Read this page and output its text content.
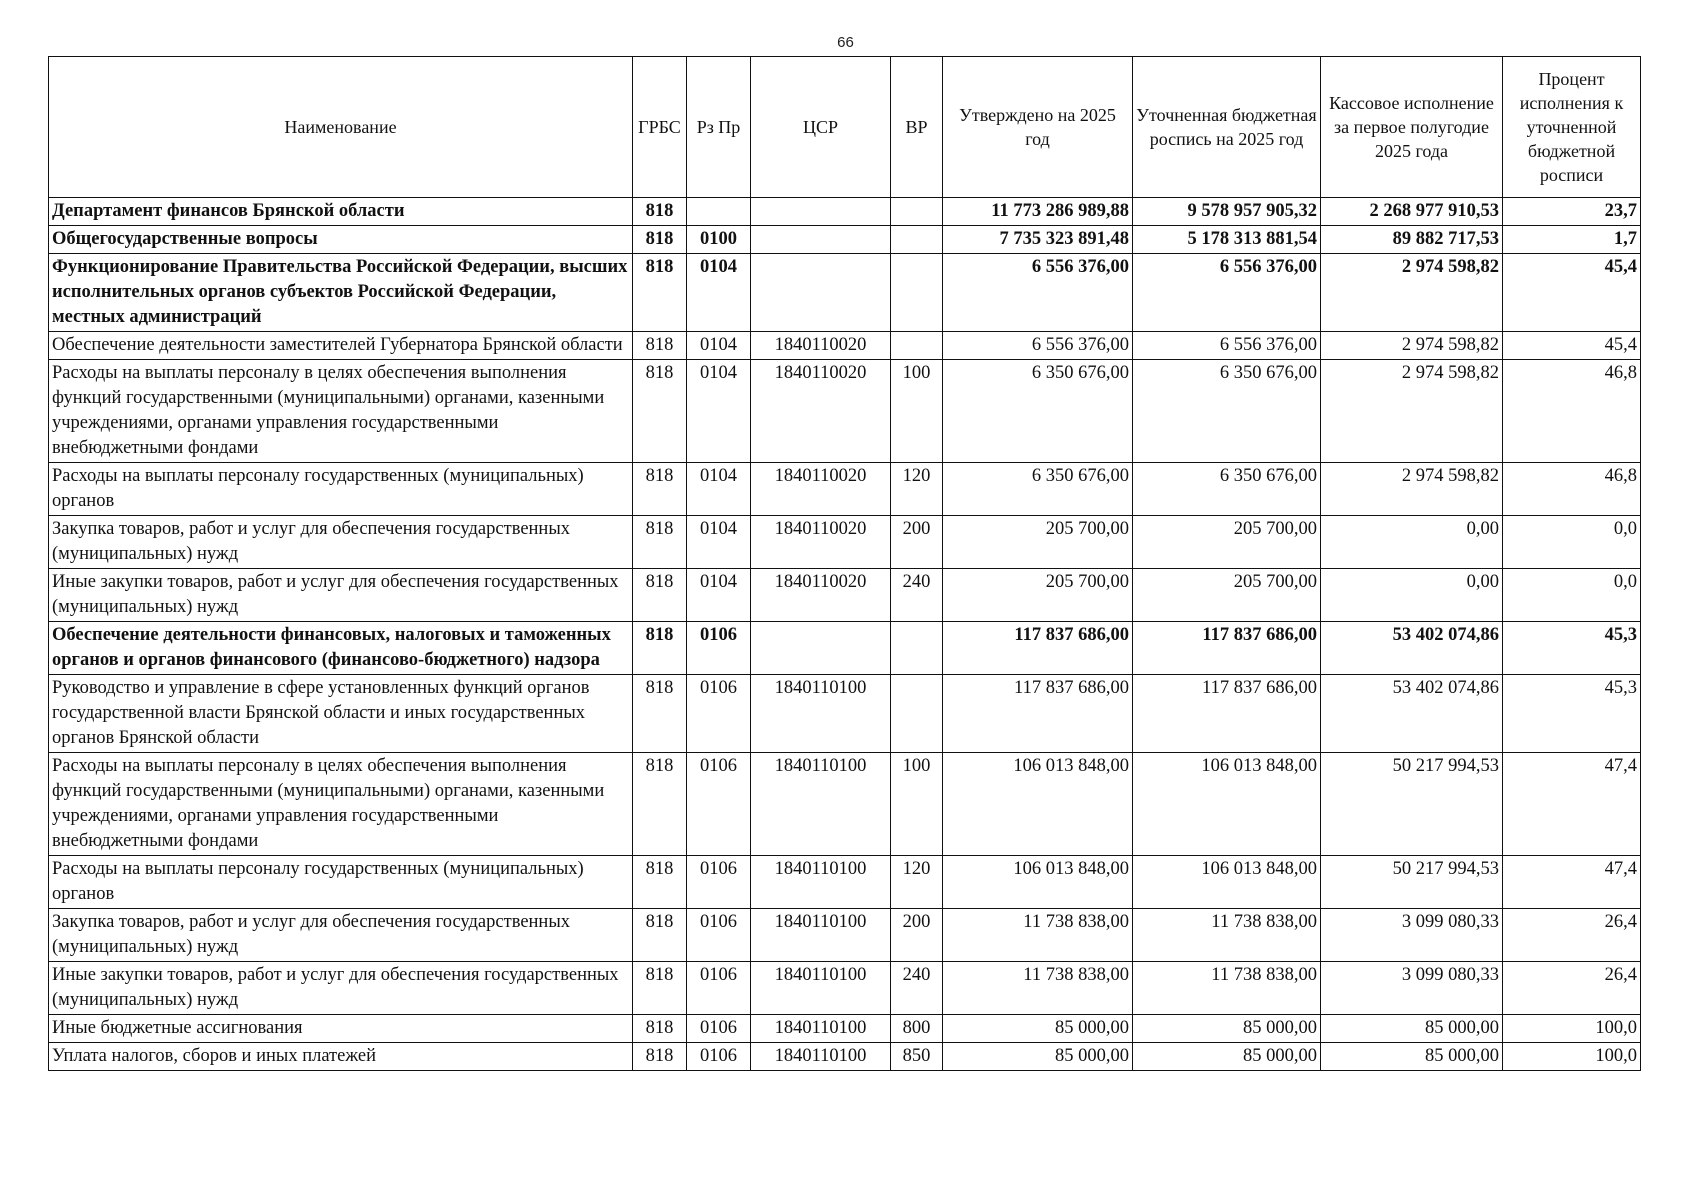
66
Наименование	ГРБС	Рз Пр	ЦСР	ВР	Утверждено на 2025 год	Уточненная бюджетная роспись на 2025 год	Кассовое исполнение за первое полугодие 2025 года	Процент исполнения к уточненной бюджетной росписи
Департамент финансов Брянской области	818				11 773 286 989,88	9 578 957 905,32	2 268 977 910,53	23,7
Общегосударственные вопросы	818	0100			7 735 323 891,48	5 178 313 881,54	89 882 717,53	1,7
Функционирование Правительства Российской Федерации, высших исполнительных органов субъектов Российской Федерации, местных администраций	818	0104			6 556 376,00	6 556 376,00	2 974 598,82	45,4
Обеспечение деятельности заместителей Губернатора Брянской области	818	0104	1840110020		6 556 376,00	6 556 376,00	2 974 598,82	45,4
Расходы на выплаты персоналу в целях обеспечения выполнения функций государственными (муниципальными) органами, казенными учреждениями, органами управления государственными внебюджетными фондами	818	0104	1840110020	100	6 350 676,00	6 350 676,00	2 974 598,82	46,8
Расходы на выплаты персоналу государственных (муниципальных) органов	818	0104	1840110020	120	6 350 676,00	6 350 676,00	2 974 598,82	46,8
Закупка товаров, работ и услуг для обеспечения государственных (муниципальных) нужд	818	0104	1840110020	200	205 700,00	205 700,00	0,00	0,0
Иные закупки товаров, работ и услуг для обеспечения государственных (муниципальных) нужд	818	0104	1840110020	240	205 700,00	205 700,00	0,00	0,0
Обеспечение деятельности финансовых, налоговых и таможенных органов и органов финансового (финансово-бюджетного) надзора	818	0106			117 837 686,00	117 837 686,00	53 402 074,86	45,3
Руководство и управление в сфере установленных функций органов государственной власти Брянской области и иных государственных органов Брянской области	818	0106	1840110100		117 837 686,00	117 837 686,00	53 402 074,86	45,3
Расходы на выплаты персоналу в целях обеспечения выполнения функций государственными (муниципальными) органами, казенными учреждениями, органами управления государственными внебюджетными фондами	818	0106	1840110100	100	106 013 848,00	106 013 848,00	50 217 994,53	47,4
Расходы на выплаты персоналу государственных (муниципальных) органов	818	0106	1840110100	120	106 013 848,00	106 013 848,00	50 217 994,53	47,4
Закупка товаров, работ и услуг для обеспечения государственных (муниципальных) нужд	818	0106	1840110100	200	11 738 838,00	11 738 838,00	3 099 080,33	26,4
Иные закупки товаров, работ и услуг для обеспечения государственных (муниципальных) нужд	818	0106	1840110100	240	11 738 838,00	11 738 838,00	3 099 080,33	26,4
Иные бюджетные ассигнования	818	0106	1840110100	800	85 000,00	85 000,00	85 000,00	100,0
Уплата налогов, сборов и иных платежей	818	0106	1840110100	850	85 000,00	85 000,00	85 000,00	100,0
